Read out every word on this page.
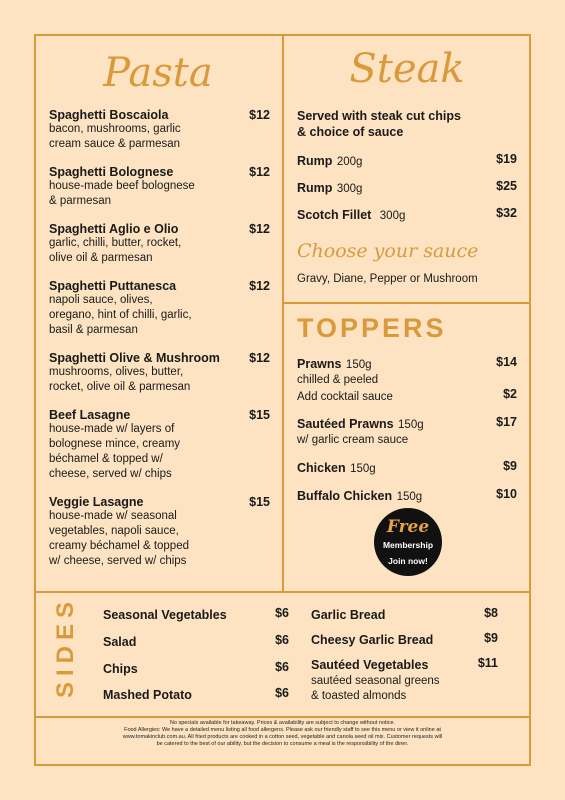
Pasta
Spaghetti Boscaiola
bacon, mushrooms, garlic
cream sauce & parmesan
$12
Spaghetti Bolognese
house-made beef bolognese
& parmesan
$12
Spaghetti Aglio e Olio
garlic, chilli, butter, rocket,
olive oil & parmesan
$12
Spaghetti Puttanesca
napoli sauce, olives,
oregano, hint of chilli, garlic,
basil & parmesan
$12
Spaghetti Olive & Mushroom
mushrooms, olives, butter,
rocket, olive oil & parmesan
$12
Beef Lasagne
house-made w/ layers of
bolognese mince, creamy
béchamel & topped w/
cheese, served w/ chips
$15
Veggie Lasagne
house-made w/ seasonal
vegetables, napoli sauce,
creamy béchamel & topped
w/ cheese, served w/ chips
$15
Steak
Served with steak cut chips
& choice of sauce
Rump 200g	$19
Rump 300g	$25
Scotch Fillet 300g	$32
Choose your sauce
Gravy, Diane, Pepper or Mushroom
TOPPERS
Prawns 150g
chilled & peeled
$14
Add cocktail sauce	$2
Sautéed Prawns 150g
w/ garlic cream sauce
$17
Chicken 150g	$9
Buffalo Chicken 150g	$10
Free
Membership
Join now!
SIDES Seasonal Vegetables	$6
Salad	$6
Chips	$6
Mashed Potato	$6
Garlic Bread	$8
Cheesy Garlic Bread	$9
Sautéed Vegetables
sautéed seasonal greens
& toasted almonds
$11
No specials available for takeaway. Prices & availability are subject to change without notice.
Food Allergies: We have a detailed menu listing all food allergens. Please ask our friendly staff to see this menu or view it online at
www.tomakinclub.com.au. All fried products are cooked in a cotton seed, vegetable and canola seed oil mix. Customer requests will
be catered to the best of our ability, but the decision to consume a meal is the responsibility of the diner.
